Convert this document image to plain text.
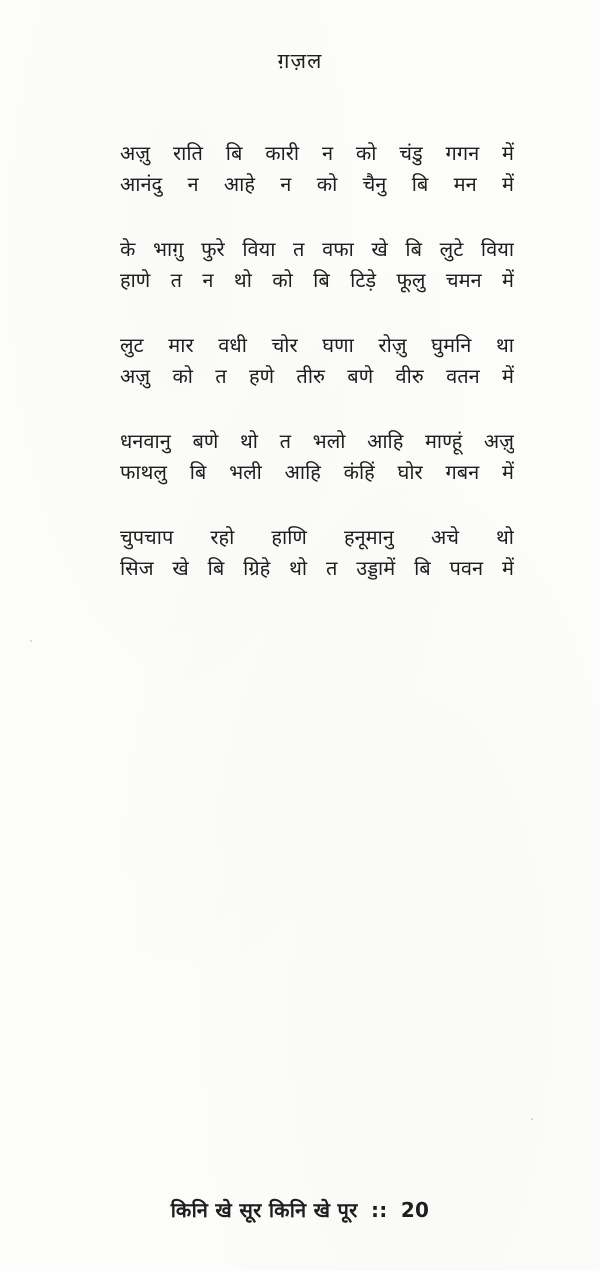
ग़ज़ल
अज़ु राति बि कारी न को चंडु गगन में
आनंदु न आहे न को चैनु बि मन में
के भाग़ु फुरे विया त वफा खे बि लुटे विया
हाणे त न थो को बि टिड़े फूलु चमन में
लुट मार वधी चोर घणा रोज़ु घुमनि था
अज़ु को त हणे तीरु बणे वीरु वतन में
धनवानु बणे थो त भलो आहि माण्हूं अज़ु
फाथलु बि भली आहि कंहिं घोर गबन में
चुपचाप रहो हाणि हनूमानु अचे थो
सिज खे बि ग्रिहे थो त उड्डामें बि पवन में
किनि खे सूर किनि खे पूर :: 20
